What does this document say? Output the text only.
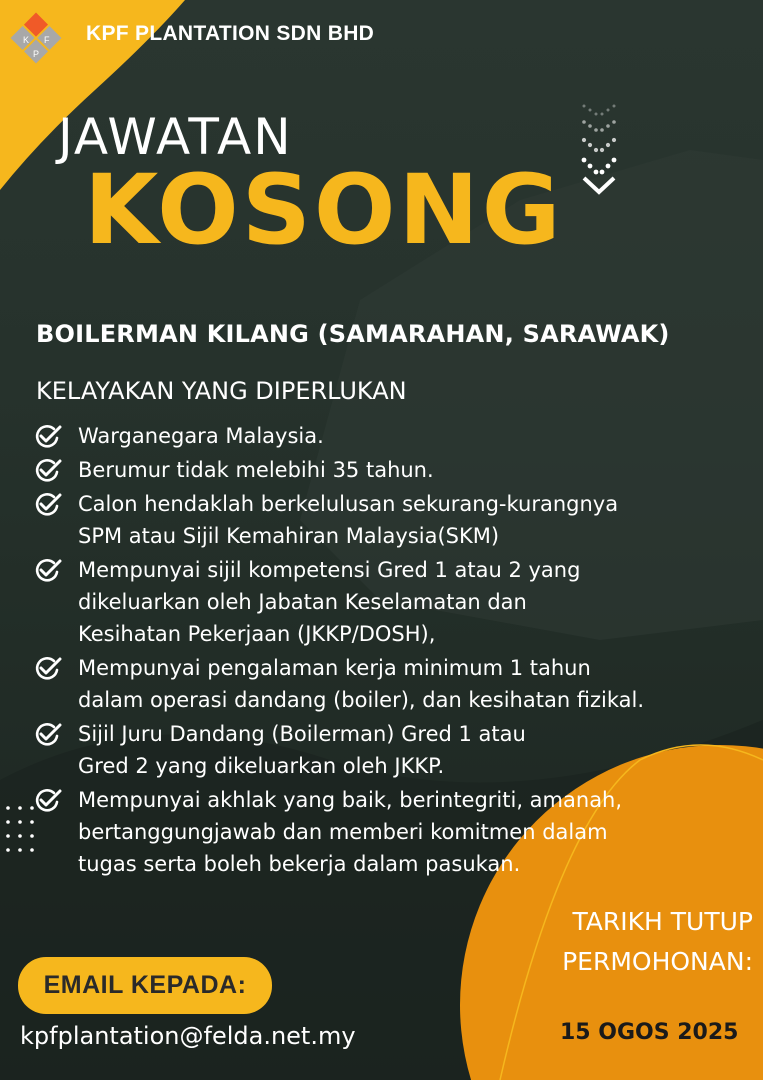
K F
P
KPF PLANTATION SDN BHD
JAWATAN
KOSONG
BOILERMAN KILANG (SAMARAHAN, SARAWAK)
KELAYAKAN YANG DIPERLUKAN
Warganegara Malaysia.
Berumur tidak melebihi 35 tahun.
Calon hendaklah berkelulusan sekurang-kurangnya
SPM atau Sijil Kemahiran Malaysia(SKM)
Mempunyai sijil kompetensi Gred 1 atau 2 yang
dikeluarkan oleh Jabatan Keselamatan dan
Kesihatan Pekerjaan (JKKP/DOSH),
Mempunyai pengalaman kerja minimum 1 tahun
dalam operasi dandang (boiler), dan kesihatan fizikal.
Sijil Juru Dandang (Boilerman) Gred 1 atau
Gred 2 yang dikeluarkan oleh JKKP.
Mempunyai akhlak yang baik, berintegriti, amanah,
bertanggungjawab dan memberi komitmen dalam
tugas serta boleh bekerja dalam pasukan.
EMAIL KEPADA:
kpfplantation@felda.net.my
TARIKH TUTUP
PERMOHONAN:
15 OGOS 2025
